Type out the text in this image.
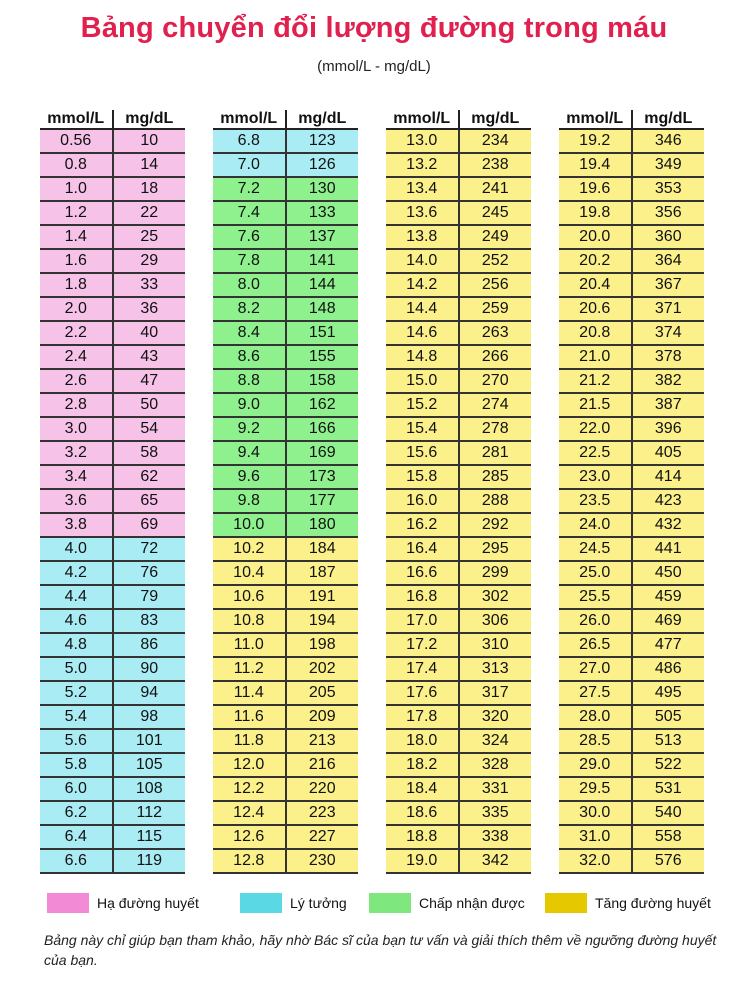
Bảng chuyển đổi lượng đường trong máu
(mmol/L - mg/dL)
mmol/L	mg/dL
0.56	10
0.8	14
1.0	18
1.2	22
1.4	25
1.6	29
1.8	33
2.0	36
2.2	40
2.4	43
2.6	47
2.8	50
3.0	54
3.2	58
3.4	62
3.6	65
3.8	69
4.0	72
4.2	76
4.4	79
4.6	83
4.8	86
5.0	90
5.2	94
5.4	98
5.6	101
5.8	105
6.0	108
6.2	112
6.4	115
6.6	119
mmol/L	mg/dL
6.8	123
7.0	126
7.2	130
7.4	133
7.6	137
7.8	141
8.0	144
8.2	148
8.4	151
8.6	155
8.8	158
9.0	162
9.2	166
9.4	169
9.6	173
9.8	177
10.0	180
10.2	184
10.4	187
10.6	191
10.8	194
11.0	198
11.2	202
11.4	205
11.6	209
11.8	213
12.0	216
12.2	220
12.4	223
12.6	227
12.8	230
mmol/L	mg/dL
13.0	234
13.2	238
13.4	241
13.6	245
13.8	249
14.0	252
14.2	256
14.4	259
14.6	263
14.8	266
15.0	270
15.2	274
15.4	278
15.6	281
15.8	285
16.0	288
16.2	292
16.4	295
16.6	299
16.8	302
17.0	306
17.2	310
17.4	313
17.6	317
17.8	320
18.0	324
18.2	328
18.4	331
18.6	335
18.8	338
19.0	342
mmol/L	mg/dL
19.2	346
19.4	349
19.6	353
19.8	356
20.0	360
20.2	364
20.4	367
20.6	371
20.8	374
21.0	378
21.2	382
21.5	387
22.0	396
22.5	405
23.0	414
23.5	423
24.0	432
24.5	441
25.0	450
25.5	459
26.0	469
26.5	477
27.0	486
27.5	495
28.0	505
28.5	513
29.0	522
29.5	531
30.0	540
31.0	558
32.0	576
Hạ đường huyết	Lý tưởng	Chấp nhận được	Tăng đường huyết
Bảng này chỉ giúp bạn tham khảo, hãy nhờ Bác sĩ của bạn tư vấn và giải thích thêm về ngưỡng đường huyết của bạn.
